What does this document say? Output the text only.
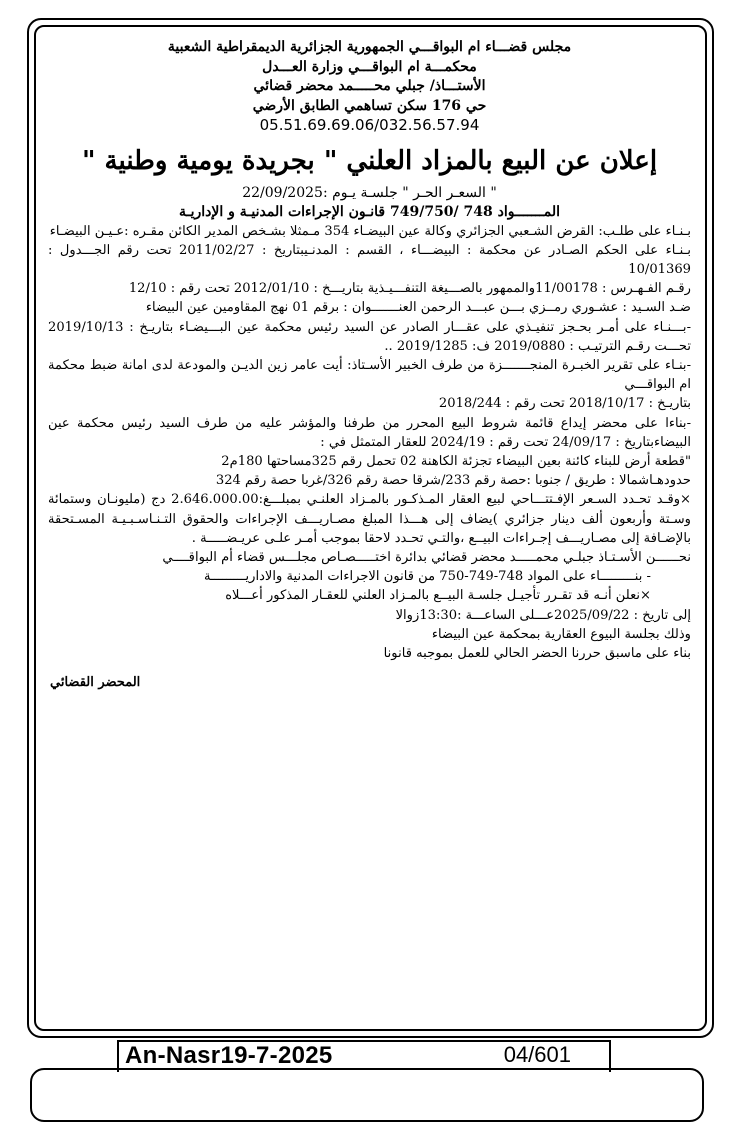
مجلس قضـــاء ام البواقـــي الجمهورية الجزائرية الديمقراطية الشعبية
محكمـــة ام البواقـــي وزارة العـــدل
الأستـــاذ/ جبلي محـــــمد محضر قضائي
حي 176 سكن تساهمي الطابق الأرضي
05.51.69.69.06/032.56.57.94
إعلان عن البيع بالمزاد العلني " بجريدة يومية وطنية "
" السعـر الحـر " جلسـة يـوم :22/09/2025
المـــــــواد 748 /749/750 قانـون الإجراءات المدنيـة و الإداريـة

بـنـاء على طلـب: القرض الشـعبي الجزائري وكالة عين البيضـاء 354 مـمثلا بشـخص المدير الكائن مقـره :عـيـن البيضـاء

بـنـاء على الحكم الصـادر عن محكمة : البيضـــاء ، القسم : المدنـيبتاريخ : 2011/02/27 تحت رقم الجـــدول : 10/01369

رقـم الفـهـرس : 11/00178والممهور بالصـــيغة التنفـــيـذية بتاريـــخ : 2012/01/10 تحت رقم : 12/10

ضـد السـيد : عشـوري رمــزي بـــن عبـــد الرحمن العنـــــــوان : برقم 01 نهج المقاومين عين البيضاء

-بـــنـاء على أمـر بحـجز تنفيـذي على عقـــار الصادر عن السيد رئيس محكمة عين البـــيضـاء بتاريـخ : 2019/10/13 تحـــت رقـم الترتيـب : 2019/0880 ف: 2019/1285 ..

-بنـاء على تقرير الخبـرة المنجـــــــزة من طرف الخبير الأسـتاذ: أيت عامر زين الديـن والمودعة لدى امانة ضبط محكمة ام البواقـــي

بتاريـخ : 2018/10/17 تحت رقم : 2018/244

-بناءا على محضر إيداع قائمة شروط البيع المحرر من طرفنا والمؤشر عليه من طرف السيد رئيس محكمة عين البيضاءبتاريخ : 24/09/17 تحت رقم : 2024/19 للعقار المتمثل في :

"قطعة أرض للبناء كائنة بعين البيضاء تجزئة الكاهنة 02 تحمل رقم 325مساحتها 180م2

حدودهـاشمالا : طريق / جنوبا :حصة رقم 233/شرقا حصة رقم 326/غربا حصة رقم 324

×وقـد تحـدد السـعر الإفـتتـــاحي لبيع العقار المـذكـور بالمـزاد العلنـي بمبلـــغ:2.646.000.00 دج (مليونـان وستمائة وسـتة وأربعون ألف دينار جزائري )يضاف إلى هـــذا المبلغ مصـاريـــف الإجراءات والحقوق التـنـاسـبـيـة المسـتحقة بالإضـافة إلى مصـاريـــف إجـراءات البيــع ،والتـي تحـدد لاحقا بموجب أمـر علـى عريـضـــــة .

نحــــــن الأسـتـاذ جبلـي محمـــــد محضر قضائي بدائرة اختـــــصـاص مجلـــس قضاء أم البواقــــي

- بنـــــــــاء على المواد 748-749-750 من قانون الاجراءات المدنية والاداريـــــــــة

×نعلن أنـه قد تقـرر تأجيـل جلسـة البيــع بالمـزاد العلني للعقـار المذكور أعـــلاه

إلى تاريخ : 2025/09/22عـــلى الساعـــة :13:30زوالا

وذلك بجلسة البيوع العقارية بمحكمة عين البيضاء

بناء على ماسبق حررنا الحضر الحالي للعمل بموجبه قانونا

المحضر القضائي
An-Nasr19-7-2025	04/601
